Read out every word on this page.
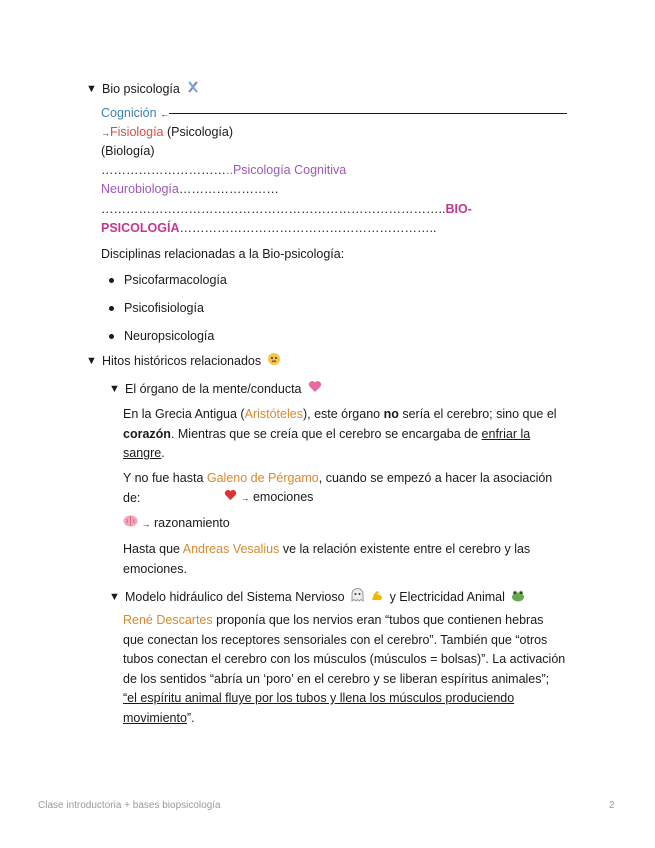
▼ Bio psicología
Cognición ←
→Fisiología (Psicología)
(Biología)
…………………………..Psicología Cognitiva
Neurobiología……………………
………………………………………………………………………..BIO-
PSICOLOGÍA……………………………………………………..
Disciplinas relacionadas a la Bio-psicología:
Psicofarmacología
Psicofisiología
Neuropsicología
▼ Hitos históricos relacionados
▼ El órgano de la mente/conducta
En la Grecia Antigua (Aristóteles), este órgano no sería el cerebro; sino que el
corazón. Mientras que se creía que el cerebro se encargaba de enfriar la
sangre.
Y no fue hasta Galeno de Pérgamo, cuando se empezó a hacer la asociación
de:	→ emociones
→ razonamiento
Hasta que Andreas Vesalius ve la relación existente entre el cerebro y las
emociones.
▼ Modelo hidráulico del Sistema Nervioso	y Electricidad Animal
René Descartes proponía que los nervios eran “tubos que contienen hebras
que conectan los receptores sensoriales con el cerebro”. También que “otros
tubos conectan el cerebro con los músculos (músculos = bolsas)”. La activación
de los sentidos “abría un ‘poro’ en el cerebro y se liberan espíritus animales”;
“el espíritu animal fluye por los tubos y llena los músculos produciendo
movimiento”.
Clase introductoria + bases biopsicología	2
